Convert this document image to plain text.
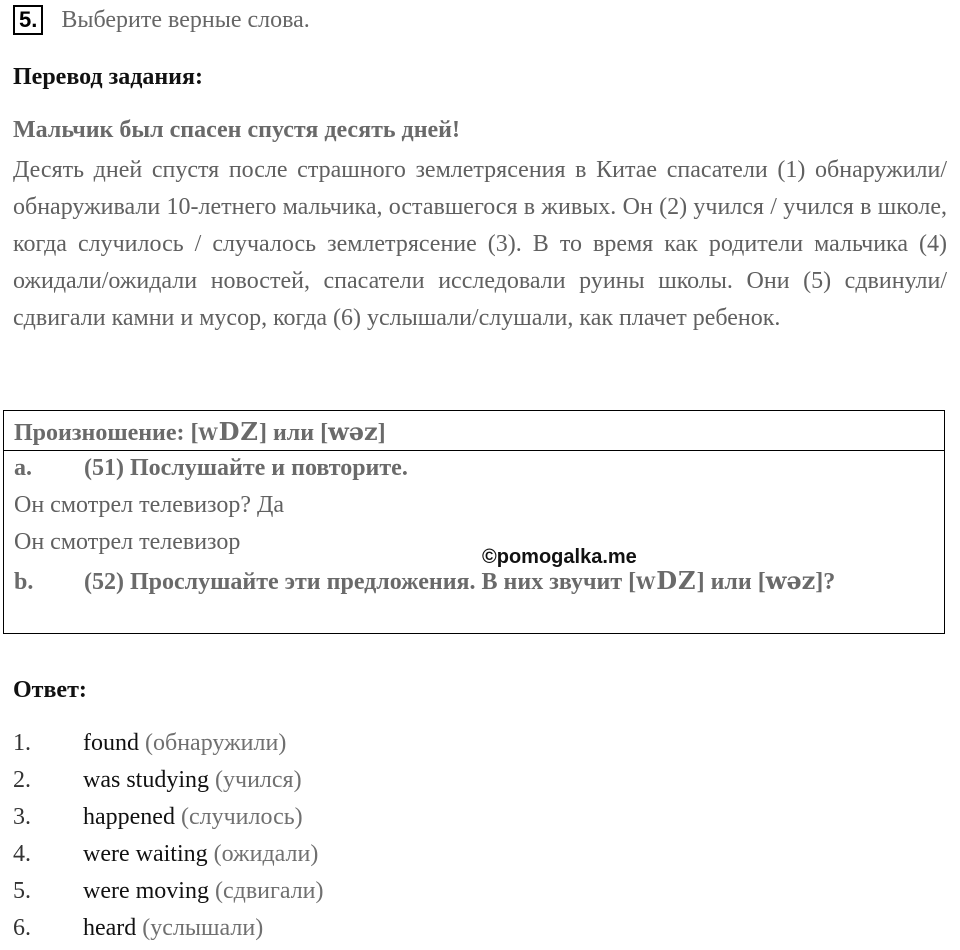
5. Выберите верные слова.
Перевод задания:
Мальчик был спасен спустя десять дней!
Десять дней спустя после страшного землетрясения в Китае спасатели (1) обнаружили/ обнаруживали 10-летнего мальчика, оставшегося в живых. Он (2) учился / учился в школе, когда случилось / случалось землетрясение (3). В то время как родители мальчика (4) ожидали/ожидали новостей, спасатели исследовали руины школы. Они (5) сдвинули/ сдвигали камни и мусор, когда (6) услышали/слушали, как плачет ребенок.
Произношение: [wDZ] или [wəz]
a. (51) Послушайте и повторите.
Он смотрел телевизор? Да
Он смотрел телевизор
b. (52) Прослушайте эти предложения. В них звучит [wDZ] или [wəz]?
©pomogalka.me
Ответ:
1. found (обнаружили)
2. was studying (учился)
3. happened (случилось)
4. were waiting (ожидали)
5. were moving (сдвигали)
6. heard (услышали)
